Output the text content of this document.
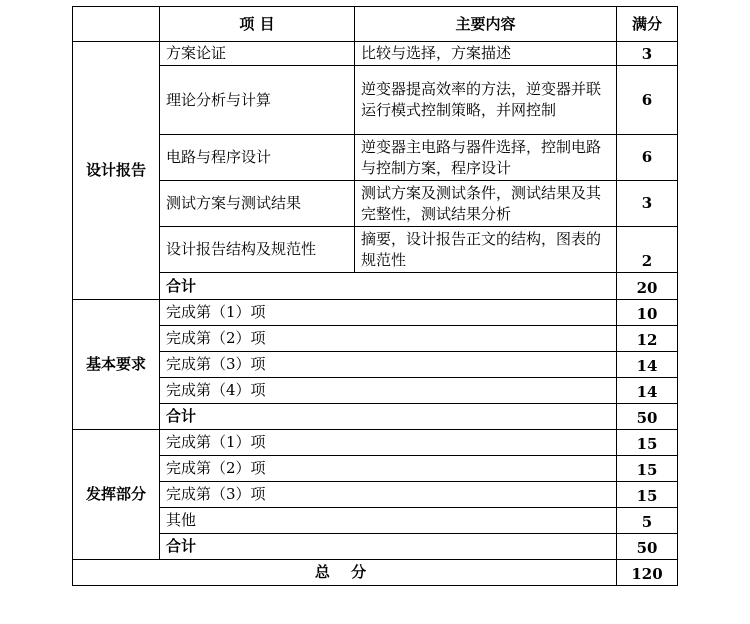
	项 目	主要内容	满分
设计报告	方案论证	比较与选择，方案描述	3
	理论分析与计算	逆变器提高效率的方法，逆变器并联运行模式控制策略，并网控制	6
	电路与程序设计	逆变器主电路与器件选择，控制电路与控制方案，程序设计	6
	测试方案与测试结果	测试方案及测试条件，测试结果及其完整性，测试结果分析	3
	设计报告结构及规范性	摘要，设计报告正文的结构，图表的规范性	2
	合计		20
基本要求	完成第（1）项		10
	完成第（2）项		12
	完成第（3）项		14
	完成第（4）项		14
	合计		50
发挥部分	完成第（1）项		15
	完成第（2）项		15
	完成第（3）项		15
	其他		5
	合计		50
总 分			120
